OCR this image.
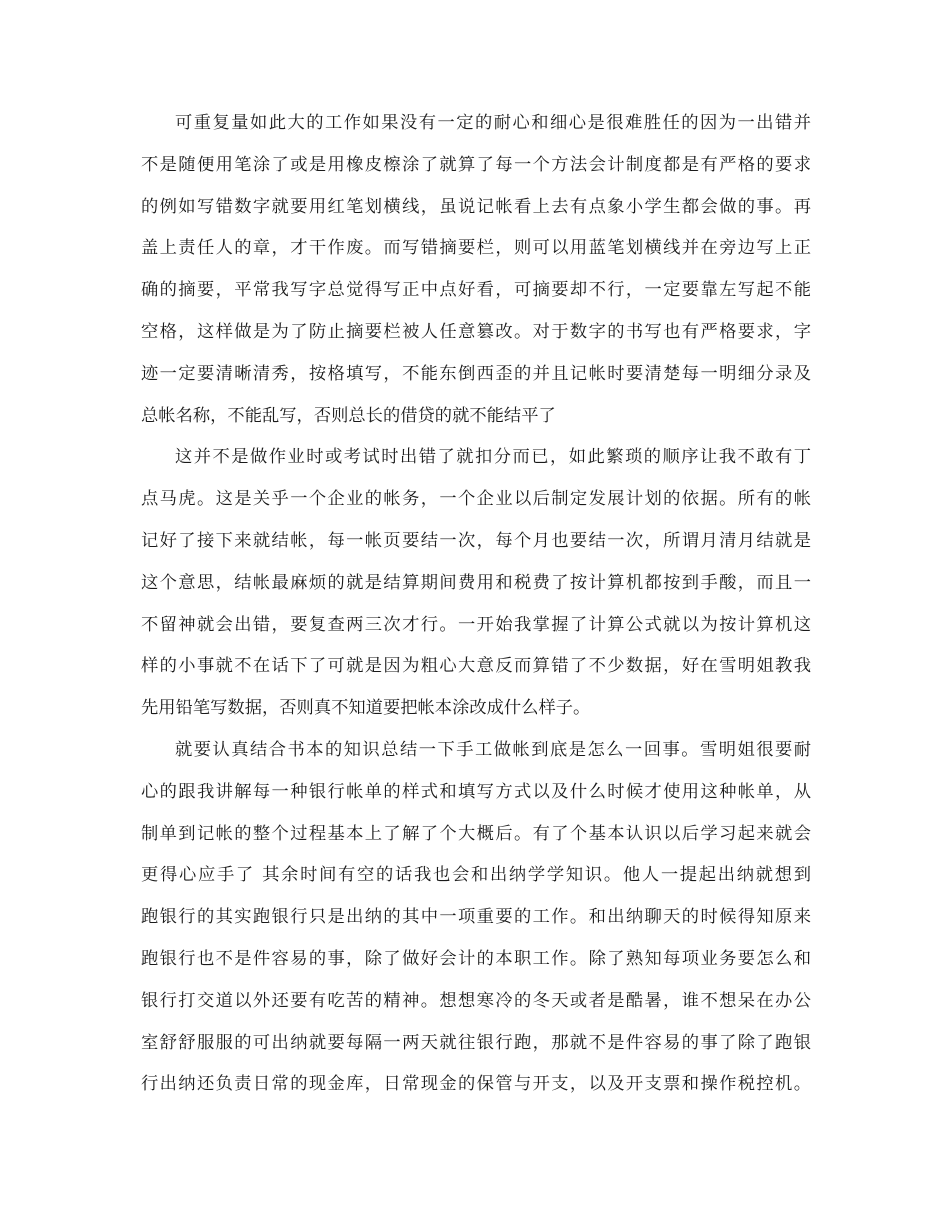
可重复量如此大的工作如果没有一定的耐心和细心是很难胜任的因为一出错并
不是随便用笔涂了或是用橡皮檫涂了就算了每一个方法会计制度都是有严格的要求
的例如写错数字就要用红笔划横线，虽说记帐看上去有点象小学生都会做的事。再
盖上责任人的章，才干作废。而写错摘要栏，则可以用蓝笔划横线并在旁边写上正
确的摘要，平常我写字总觉得写正中点好看，可摘要却不行，一定要靠左写起不能
空格，这样做是为了防止摘要栏被人任意篡改。对于数字的书写也有严格要求，字
迹一定要清晰清秀，按格填写，不能东倒西歪的并且记帐时要清楚每一明细分录及
总帐名称，不能乱写，否则总长的借贷的就不能结平了
这并不是做作业时或考试时出错了就扣分而已，如此繁琐的顺序让我不敢有丁
点马虎。这是关乎一个企业的帐务，一个企业以后制定发展计划的依据。所有的帐
记好了接下来就结帐，每一帐页要结一次，每个月也要结一次，所谓月清月结就是
这个意思，结帐最麻烦的就是结算期间费用和税费了按计算机都按到手酸，而且一
不留神就会出错，要复查两三次才行。一开始我掌握了计算公式就以为按计算机这
样的小事就不在话下了可就是因为粗心大意反而算错了不少数据，好在雪明姐教我
先用铅笔写数据，否则真不知道要把帐本涂改成什么样子。
就要认真结合书本的知识总结一下手工做帐到底是怎么一回事。雪明姐很要耐
心的跟我讲解每一种银行帐单的样式和填写方式以及什么时候才使用这种帐单，从
制单到记帐的整个过程基本上了解了个大概后。有了个基本认识以后学习起来就会
更得心应手了 其余时间有空的话我也会和出纳学学知识。他人一提起出纳就想到
跑银行的其实跑银行只是出纳的其中一项重要的工作。和出纳聊天的时候得知原来
跑银行也不是件容易的事，除了做好会计的本职工作。除了熟知每项业务要怎么和
银行打交道以外还要有吃苦的精神。想想寒冷的冬天或者是酷暑，谁不想呆在办公
室舒舒服服的可出纳就要每隔一两天就往银行跑，那就不是件容易的事了除了跑银
行出纳还负责日常的现金库，日常现金的保管与开支，以及开支票和操作税控机。
